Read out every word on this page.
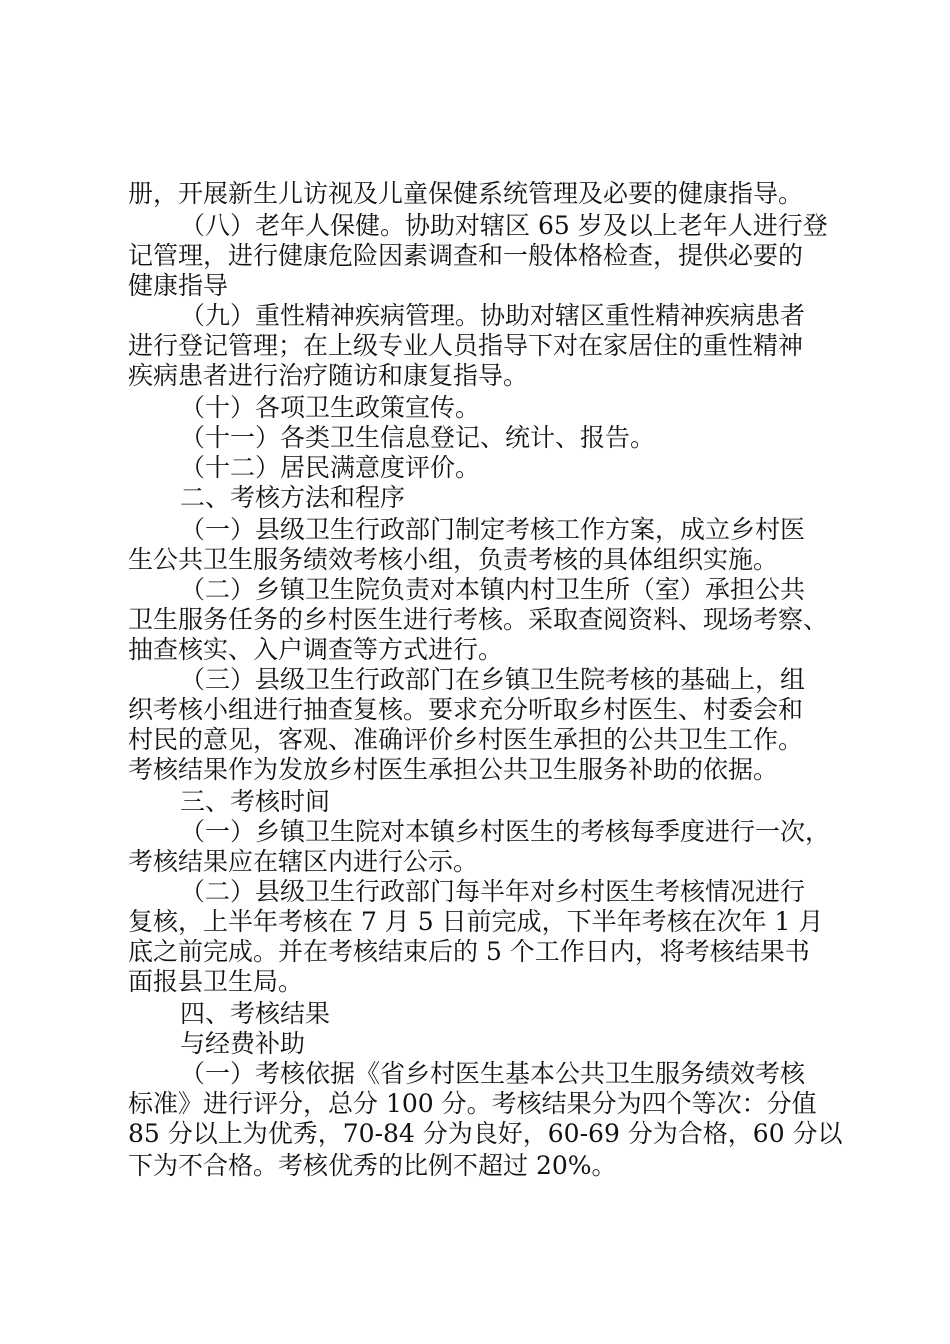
册，开展新生儿访视及儿童保健系统管理及必要的健康指导。

（八）老年人保健。协助对辖区 65 岁及以上老年人进行登

记管理，进行健康危险因素调查和一般体格检查，提供必要的

健康指导

（九）重性精神疾病管理。协助对辖区重性精神疾病患者

进行登记管理；在上级专业人员指导下对在家居住的重性精神

疾病患者进行治疗随访和康复指导。

（十）各项卫生政策宣传。

（十一）各类卫生信息登记、统计、报告。

（十二）居民满意度评价。

二、考核方法和程序

（一）县级卫生行政部门制定考核工作方案，成立乡村医

生公共卫生服务绩效考核小组，负责考核的具体组织实施。

（二）乡镇卫生院负责对本镇内村卫生所（室）承担公共

卫生服务任务的乡村医生进行考核。采取查阅资料、现场考察、

抽查核实、入户调查等方式进行。

（三）县级卫生行政部门在乡镇卫生院考核的基础上，组

织考核小组进行抽查复核。要求充分听取乡村医生、村委会和

村民的意见，客观、准确评价乡村医生承担的公共卫生工作。

考核结果作为发放乡村医生承担公共卫生服务补助的依据。

三、考核时间

（一）乡镇卫生院对本镇乡村医生的考核每季度进行一次，

考核结果应在辖区内进行公示。

（二）县级卫生行政部门每半年对乡村医生考核情况进行

复核，上半年考核在 7 月 5 日前完成，下半年考核在次年 1 月

底之前完成。并在考核结束后的 5 个工作日内，将考核结果书

面报县卫生局。

四、考核结果

与经费补助

（一）考核依据《省乡村医生基本公共卫生服务绩效考核

标准》进行评分，总分 100 分。考核结果分为四个等次：分值

85 分以上为优秀，70-84 分为良好，60-69 分为合格，60 分以

下为不合格。考核优秀的比例不超过 20%。
